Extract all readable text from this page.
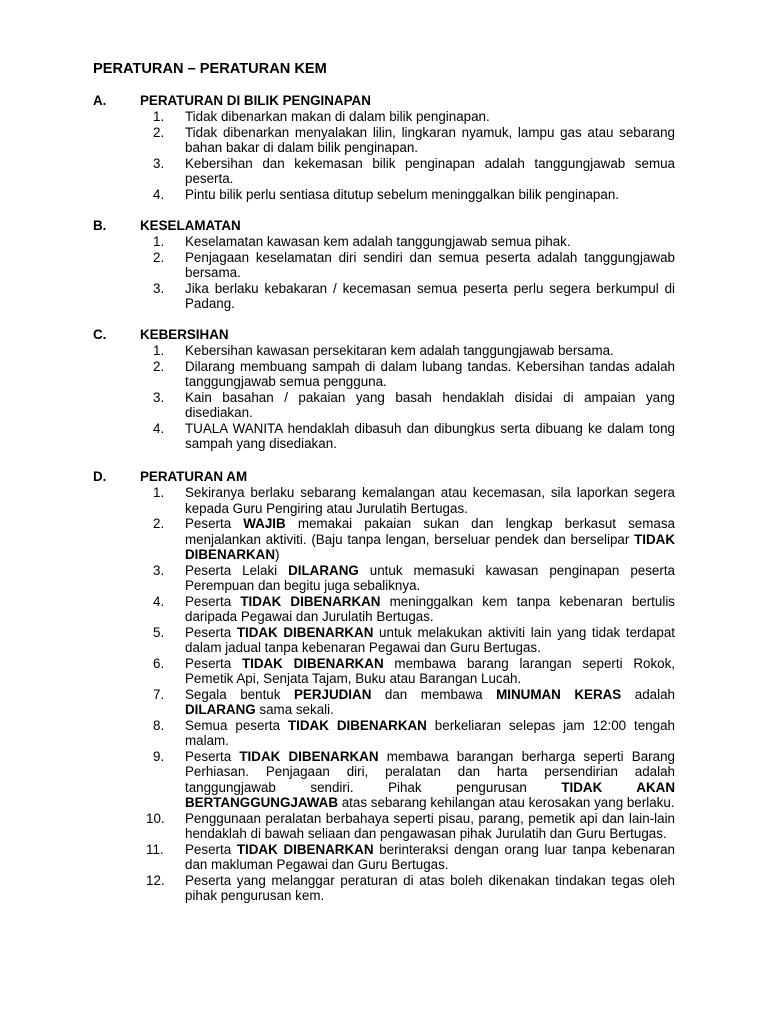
PERATURAN – PERATURAN KEM
A.	PERATURAN DI BILIK PENGINAPAN
1.	Tidak dibenarkan makan di dalam bilik penginapan.
2.	Tidak dibenarkan menyalakan lilin, lingkaran nyamuk, lampu gas atau sebarang bahan bakar di dalam bilik penginapan.
3.	Kebersihan dan kekemasan bilik penginapan adalah tanggungjawab semua peserta.
4.	Pintu bilik perlu sentiasa ditutup sebelum meninggalkan bilik penginapan.
B.	KESELAMATAN
1.	Keselamatan kawasan kem adalah tanggungjawab semua pihak.
2.	Penjagaan keselamatan diri sendiri dan semua peserta adalah tanggungjawab bersama.
3.	Jika berlaku kebakaran / kecemasan semua peserta perlu segera berkumpul di Padang.
C.	KEBERSIHAN
1.	Kebersihan kawasan persekitaran kem adalah tanggungjawab bersama.
2.	Dilarang membuang sampah di dalam lubang tandas. Kebersihan tandas adalah tanggungjawab semua pengguna.
3.	Kain basahan / pakaian yang basah hendaklah disidai di ampaian yang disediakan.
4.	TUALA WANITA hendaklah dibasuh dan dibungkus serta dibuang ke dalam tong sampah yang disediakan.
D.	PERATURAN AM
1.	Sekiranya berlaku sebarang kemalangan atau kecemasan, sila laporkan segera kepada Guru Pengiring atau Jurulatih Bertugas.
2.	Peserta WAJIB memakai pakaian sukan dan lengkap berkasut semasa menjalankan aktiviti. (Baju tanpa lengan, berseluar pendek dan berselipar TIDAK DIBENARKAN)
3.	Peserta Lelaki DILARANG untuk memasuki kawasan penginapan peserta Perempuan dan begitu juga sebaliknya.
4.	Peserta TIDAK DIBENARKAN meninggalkan kem tanpa kebenaran bertulis daripada Pegawai dan Jurulatih Bertugas.
5.	Peserta TIDAK DIBENARKAN untuk melakukan aktiviti lain yang tidak terdapat dalam jadual tanpa kebenaran Pegawai dan Guru Bertugas.
6.	Peserta TIDAK DIBENARKAN membawa barang larangan seperti Rokok, Pemetik Api, Senjata Tajam, Buku atau Barangan Lucah.
7.	Segala bentuk PERJUDIAN dan membawa MINUMAN KERAS adalah DILARANG sama sekali.
8.	Semua peserta TIDAK DIBENARKAN berkeliaran selepas jam 12:00 tengah malam.
9.	Peserta TIDAK DIBENARKAN membawa barangan berharga seperti Barang Perhiasan. Penjagaan diri, peralatan dan harta persendirian adalah tanggungjawab sendiri. Pihak pengurusan TIDAK AKAN BERTANGGUNGJAWAB atas sebarang kehilangan atau kerosakan yang berlaku.
10.	Penggunaan peralatan berbahaya seperti pisau, parang, pemetik api dan lain-lain hendaklah di bawah seliaan dan pengawasan pihak Jurulatih dan Guru Bertugas.
11.	Peserta TIDAK DIBENARKAN berinteraksi dengan orang luar tanpa kebenaran dan makluman Pegawai dan Guru Bertugas.
12.	Peserta yang melanggar peraturan di atas boleh dikenakan tindakan tegas oleh pihak pengurusan kem.
